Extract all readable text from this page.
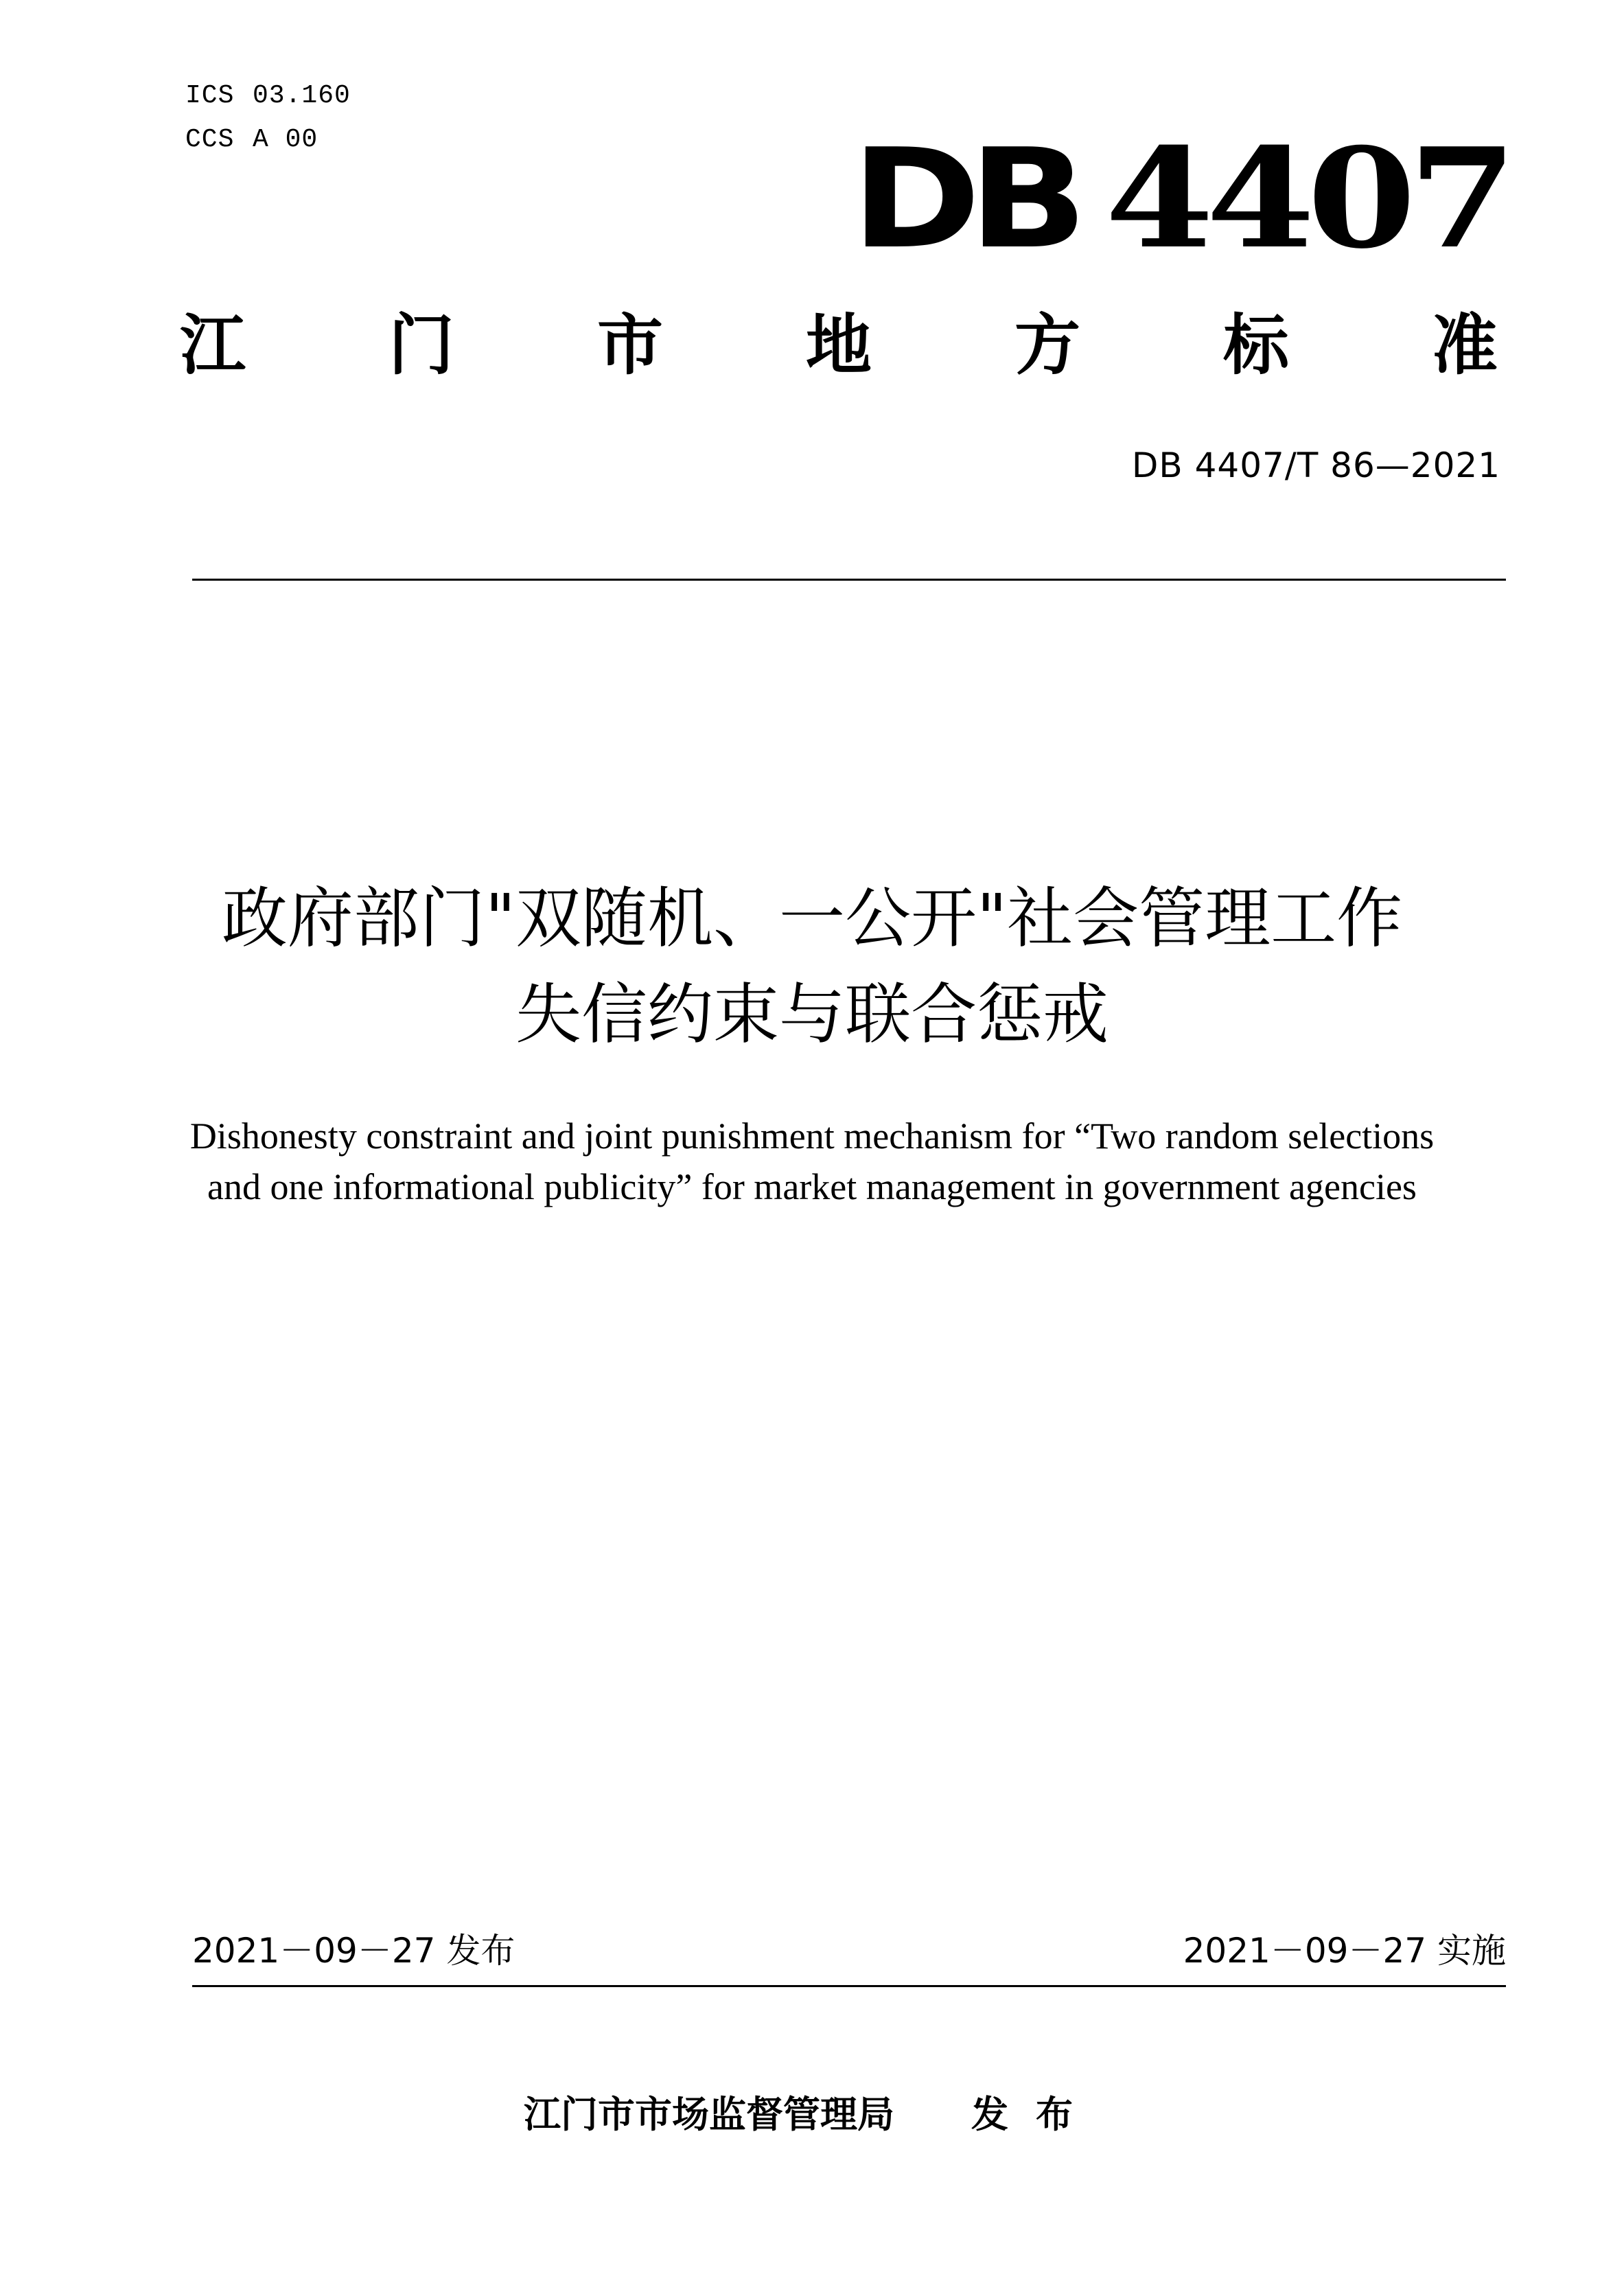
ICS 03.160
CCS A 00	DB 4407
江 门 市 地 方 标 准
DB 4407/T 86—2021
政府部门"双随机、一公开"社会管理工作
失信约束与联合惩戒
Dishonesty constraint and joint punishment mechanism for “Two random selections
and one informational publicity” for market management in government agencies
2021－09－27 发布	2021－09－27 实施
江门市市场监督管理局 发布
